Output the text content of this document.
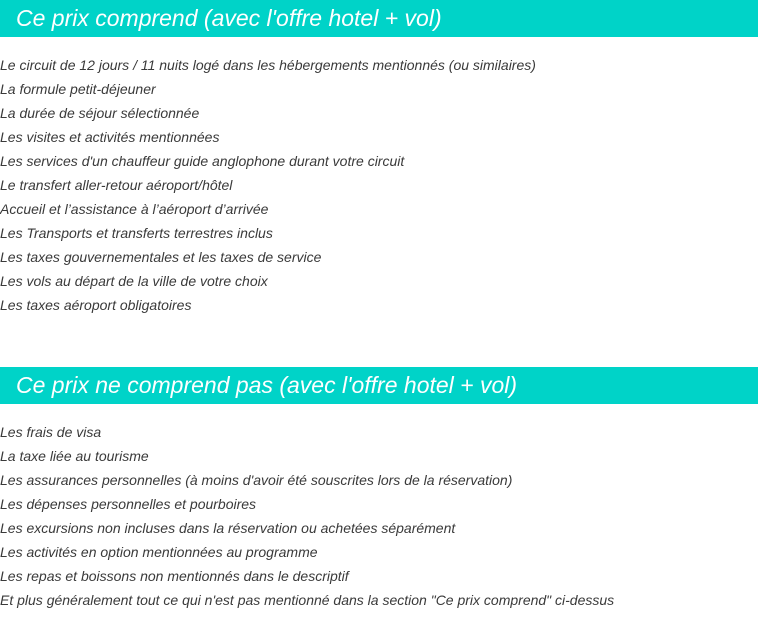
Ce prix comprend (avec l'offre hotel + vol)
Le circuit de 12 jours / 11 nuits logé dans les hébergements mentionnés (ou similaires)
La formule petit-déjeuner
La durée de séjour sélectionnée
Les visites et activités mentionnées
Les services d'un chauffeur guide anglophone durant votre circuit
Le transfert aller-retour aéroport/hôtel
Accueil et l’assistance à l’aéroport d’arrivée
Les Transports et transferts terrestres inclus
Les taxes gouvernementales et les taxes de service
Les vols au départ de la ville de votre choix
Les taxes aéroport obligatoires
Ce prix ne comprend pas (avec l'offre hotel + vol)
Les frais de visa
La taxe liée au tourisme
Les assurances personnelles (à moins d'avoir été souscrites lors de la réservation)
Les dépenses personnelles et pourboires
Les excursions non incluses dans la réservation ou achetées séparément
Les activités en option mentionnées au programme
Les repas et boissons non mentionnés dans le descriptif
Et plus généralement tout ce qui n'est pas mentionné dans la section "Ce prix comprend" ci-dessus
